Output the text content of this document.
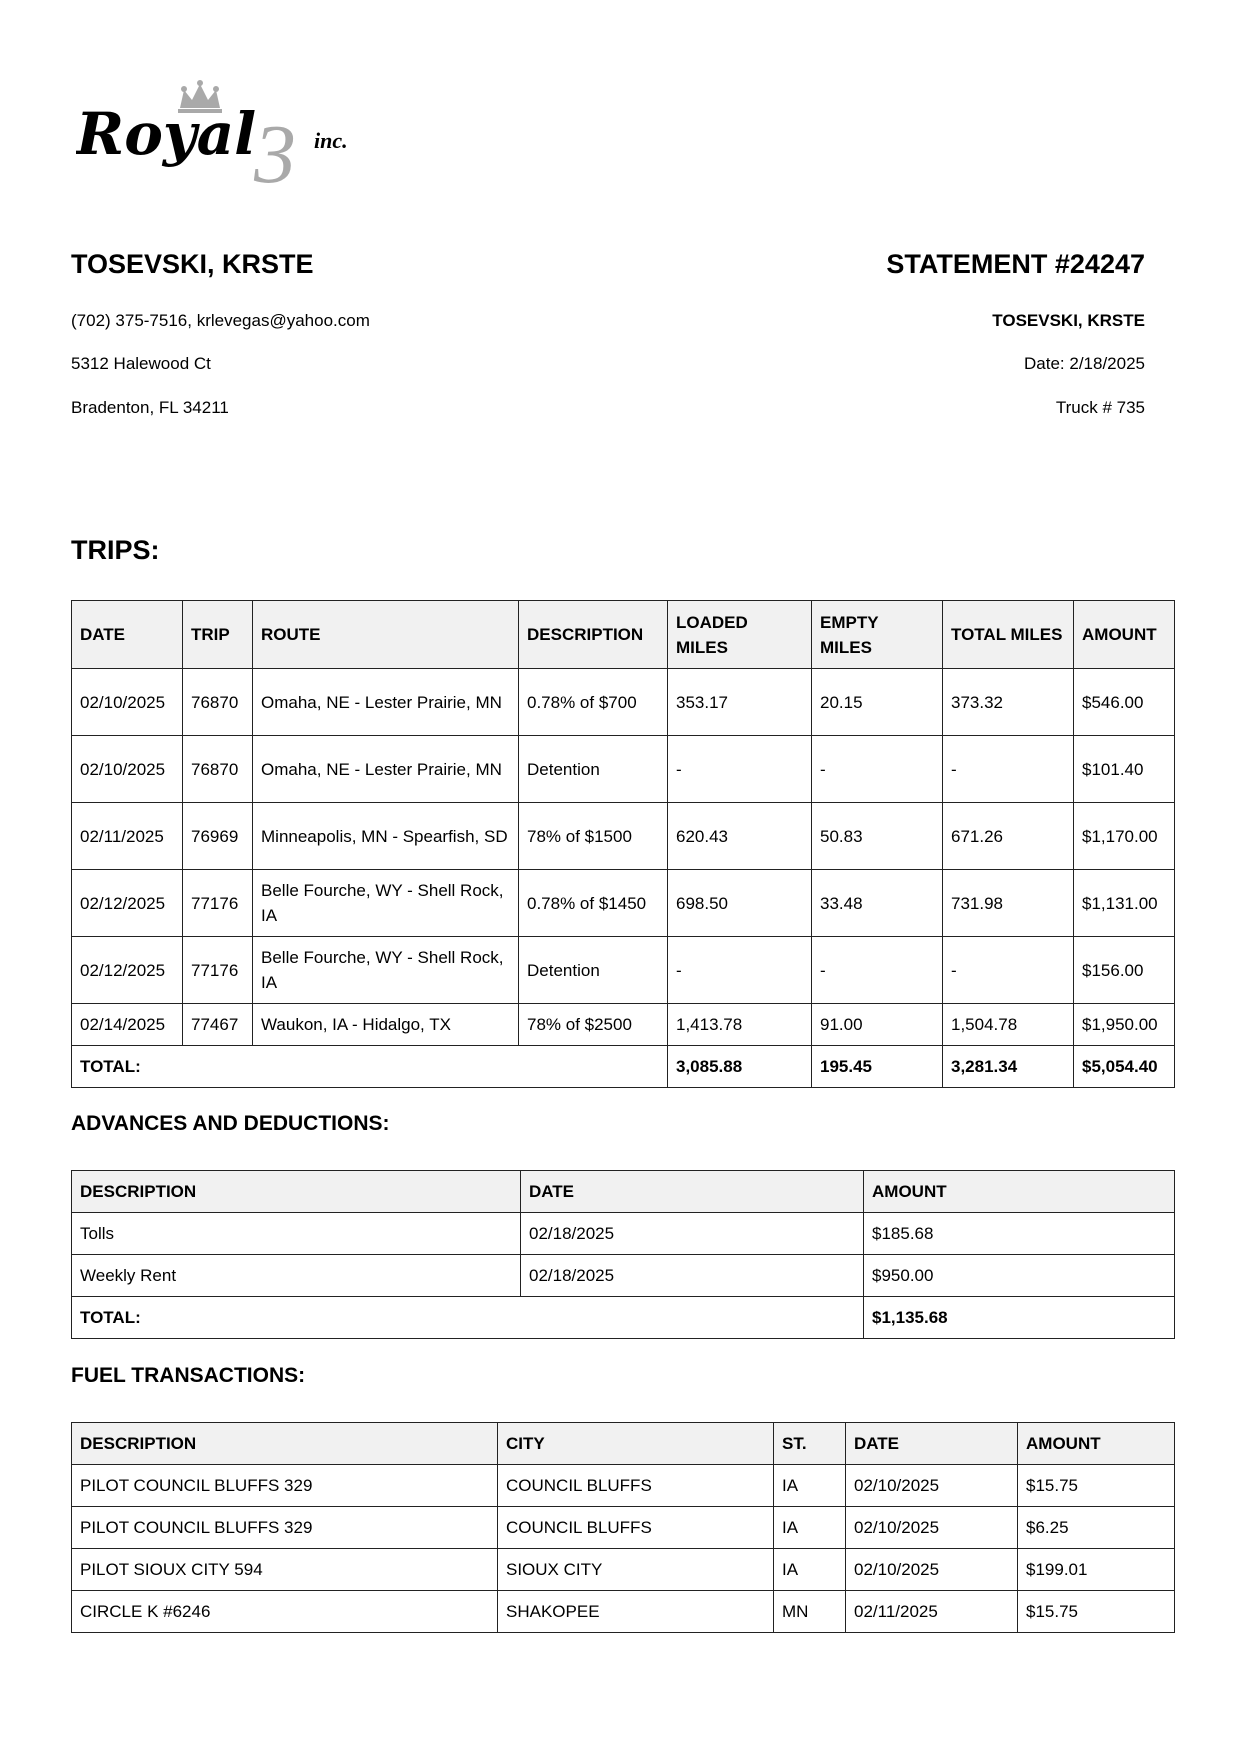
3
Royal	inc.
TOSEVSKI, KRSTE	STATEMENT #24247
(702) 375-7516, krlevegas@yahoo.com
5312 Halewood Ct
Bradenton, FL 34211
TOSEVSKI, KRSTE
Date: 2/18/2025
Truck # 735
TRIPS:
DATE	TRIP	ROUTE	DESCRIPTION	LOADED MILES	EMPTY MILES	TOTAL MILES	AMOUNT
02/10/2025	76870	Omaha, NE - Lester Prairie, MN	0.78% of $700	353.17	20.15	373.32	$546.00
02/10/2025	76870	Omaha, NE - Lester Prairie, MN	Detention	-	-	-	$101.40
02/11/2025	76969	Minneapolis, MN - Spearfish, SD	78% of $1500	620.43	50.83	671.26	$1,170.00
02/12/2025	77176	Belle Fourche, WY - Shell Rock, IA	0.78% of $1450	698.50	33.48	731.98	$1,131.00
02/12/2025	77176	Belle Fourche, WY - Shell Rock, IA	Detention	-	-	-	$156.00
02/14/2025	77467	Waukon, IA - Hidalgo, TX	78% of $2500	1,413.78	91.00	1,504.78	$1,950.00
TOTAL:				3,085.88	195.45	3,281.34	$5,054.40
ADVANCES AND DEDUCTIONS:
DESCRIPTION	DATE	AMOUNT
Tolls	02/18/2025	$185.68
Weekly Rent	02/18/2025	$950.00
TOTAL:		$1,135.68
FUEL TRANSACTIONS:
DESCRIPTION	CITY	ST.	DATE	AMOUNT
PILOT COUNCIL BLUFFS 329	COUNCIL BLUFFS	IA	02/10/2025	$15.75
PILOT COUNCIL BLUFFS 329	COUNCIL BLUFFS	IA	02/10/2025	$6.25
PILOT SIOUX CITY 594	SIOUX CITY	IA	02/10/2025	$199.01
CIRCLE K #6246	SHAKOPEE	MN	02/11/2025	$15.75
